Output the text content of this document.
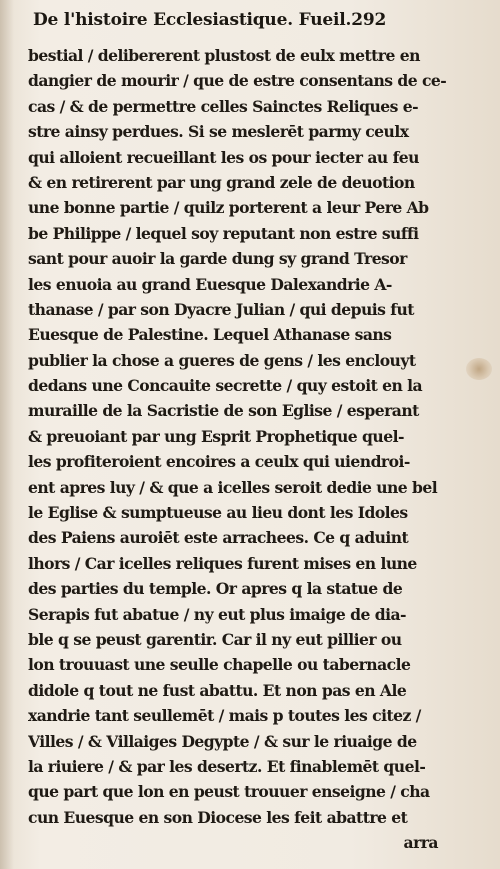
De l'histoire Ecclesiastique. Fueil.292
bestial / delibererent plustost de eulx mettre en
dangier de mourir / que de estre consentans de ce-
cas / & de permettre celles Sainctes Reliques e-
stre ainsy perdues. Si se meslerēt parmy ceulx
qui alloient recueillant les os pour iecter au feu
& en retirerent par ung grand zele de deuotion
une bonne partie / quilz porterent a leur Pere Ab
be Philippe / lequel soy reputant non estre suffi
sant pour auoir la garde dung sy grand Tresor
les enuoia au grand Euesque Dalexandrie A-
thanase / par son Dyacre Julian / qui depuis fut
Euesque de Palestine. Lequel Athanase sans
publier la chose a gueres de gens / les enclouyt
dedans une Concauite secrette / quy estoit en la
muraille de la Sacristie de son Eglise / esperant
& preuoiant par ung Esprit Prophetique quel-
les profiteroient encoires a ceulx qui uiendroi-
ent apres luy / & que a icelles seroit dedie une bel
le Eglise & sumptueuse au lieu dont les Idoles
des Paiens auroiēt este arrachees. Ce q aduint
lhors / Car icelles reliques furent mises en lune
des parties du temple. Or apres q la statue de
Serapis fut abatue / ny eut plus imaige de dia-
ble q se peust garentir. Car il ny eut pillier ou
lon trouuast une seulle chapelle ou tabernacle
didole q tout ne fust abattu. Et non pas en Ale
xandrie tant seullemēt / mais p toutes les citez /
Villes / & Villaiges Degypte / & sur le riuaige de
la riuiere / & par les desertz. Et finablemēt quel-
que part que lon en peust trouuer enseigne / cha
cun Euesque en son Diocese les feit abattre et
arra
